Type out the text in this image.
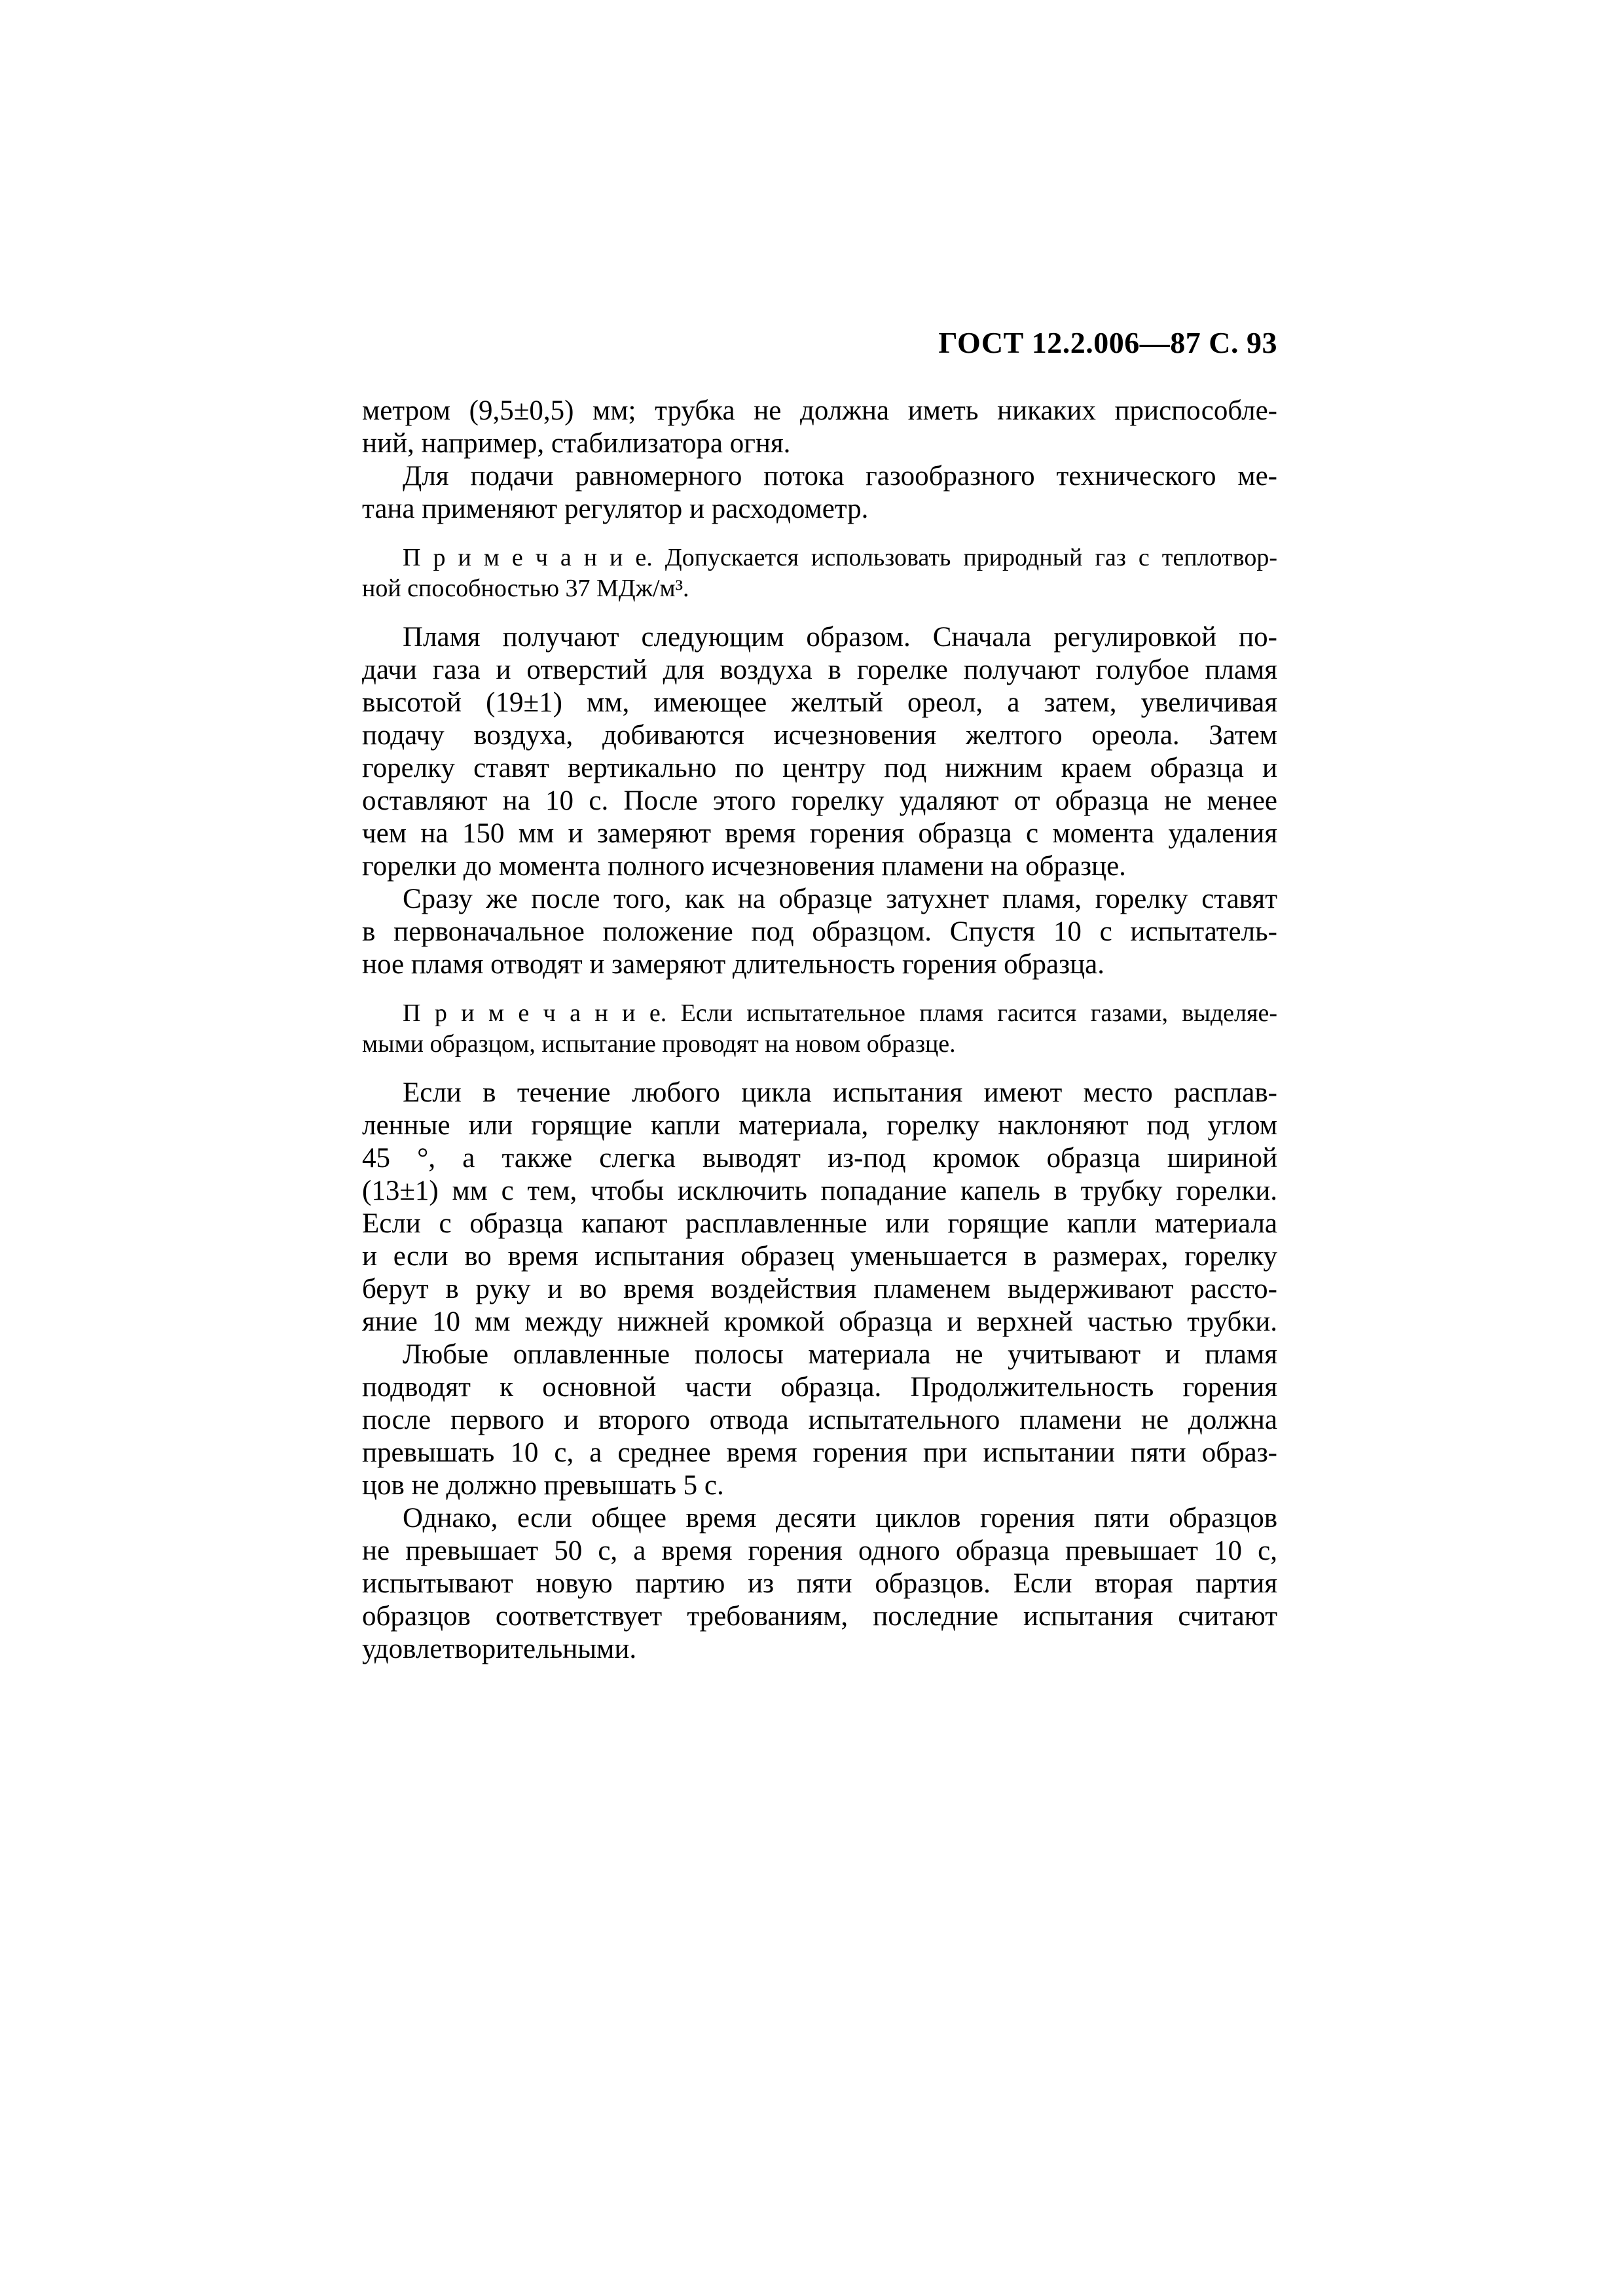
ГОСТ 12.2.006—87 С. 93
метром (9,5±0,5) мм; трубка не должна иметь никаких приспособле-
ний, например, стабилизатора огня.
Для подачи равномерного потока газообразного технического ме-
тана применяют регулятор и расходометр.
П р и м е ч а н и е. Допускается использовать природный газ с теплотвор-
ной способностью 37 МДж/м³.
Пламя получают следующим образом. Сначала регулировкой по-
дачи газа и отверстий для воздуха в горелке получают голубое пламя
высотой (19±1) мм, имеющее желтый ореол, а затем, увеличивая
подачу воздуха, добиваются исчезновения желтого ореола. Затем
горелку ставят вертикально по центру под нижним краем образца и
оставляют на 10 с. После этого горелку удаляют от образца не менее
чем на 150 мм и замеряют время горения образца с момента удаления
горелки до момента полного исчезновения пламени на образце.
Сразу же после того, как на образце затухнет пламя, горелку ставят
в первоначальное положение под образцом. Спустя 10 с испытатель-
ное пламя отводят и замеряют длительность горения образца.
П р и м е ч а н и е. Если испытательное пламя гасится газами, выделяе-
мыми образцом, испытание проводят на новом образце.
Если в течение любого цикла испытания имеют место расплав-
ленные или горящие капли материала, горелку наклоняют под углом
45 °, а также слегка выводят из-под кромок образца шириной
(13±1) мм с тем, чтобы исключить попадание капель в трубку горелки.
Если с образца капают расплавленные или горящие капли материала
и если во время испытания образец уменьшается в размерах, горелку
берут в руку и во время воздействия пламенем выдерживают рассто-
яние 10 мм между нижней кромкой образца и верхней частью трубки.
Любые оплавленные полосы материала не учитывают и пламя
подводят к основной части образца. Продолжительность горения
после первого и второго отвода испытательного пламени не должна
превышать 10 с, а среднее время горения при испытании пяти образ-
цов не должно превышать 5 с.
Однако, если общее время десяти циклов горения пяти образцов
не превышает 50 с, а время горения одного образца превышает 10 с,
испытывают новую партию из пяти образцов. Если вторая партия
образцов соответствует требованиям, последние испытания считают
удовлетворительными.
